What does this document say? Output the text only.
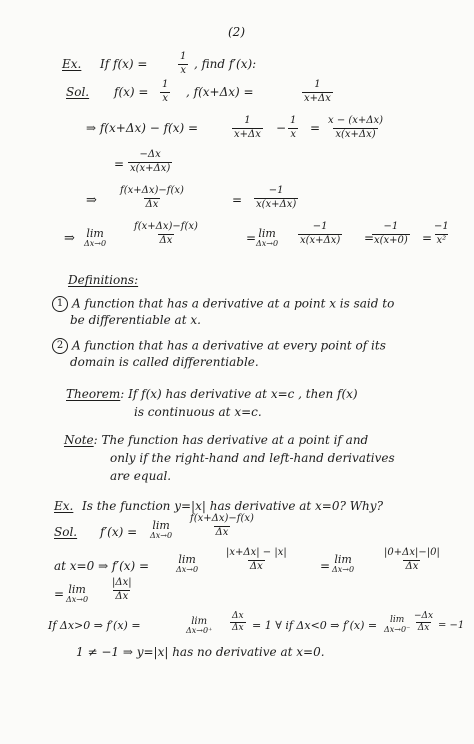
(2)
Ex. If f(x) =	$\frac{1}{x}$ , find f′(x):
Sol. $f(x) = \frac{1}{x}$ , f(x+Δx) =	$\frac{1}{x+\Delta x}$
⇒ f(x+Δx) − f(x) =	$\frac{1}{x+\Delta x} - \frac{1}{x} = \frac{x - (x+\Delta x)}{x(x+\Delta x)}$
= $\frac{-\Delta x}{x(x+\Delta x)}$
⇒ $\frac{f(x+\Delta x)-f(x)}{\Delta x}$	= $\frac{-1}{x(x+\Delta x)}$
⇒ lim
Δx→0	$\frac{f(x+\Delta x)-f(x)}{\Delta x}$	= lim
$\Delta x\to 0 \frac{-1}{x(x+\Delta x)}$ =
$\frac{-1}{x(x+0)} = \frac{-1}{\text{x²}}$
Definitions:
1 A function that has a derivative at a point x is said to
be differentiable at x.
2 A function that has a derivative at every point of its
domain is called differentiable.
Theorem: If f(x) has derivative at x=c , then f(x)
is continuous at x=c.
Note: The function has derivative at a point if and
only if the right-hand and left-hand derivatives
are equal.
Ex. Is the function y=|x| has derivative at x=0? Why?
Sol. f′(x) = lim
$\Delta x\to 0 \frac{f(x+\Delta x)-f(x)}{\Delta x}$
at x=0 ⇒ f′(x) =	lim
Δx→0	$\frac{|x+\Delta x| - |x|}{\Delta x}$	= lim
Δx→0	$\frac{|0+\Delta x|-|0|}{\Delta x}$
= lim
$\Delta x\to 0 \frac{|\Delta x|}{\Delta x}$
If Δx>0 ⇒ f′(x) =	lim
$\Delta x\to 0^+ \frac{\Delta x}{\Delta x} = 1$ ∀ if Δx<0 ⇒ f′(x) = lim
$\Delta x\to 0^- \frac{-\Delta x}{\Delta x} = -1$
1 ≠ −1 ⇒ y=|x| has no derivative at x=0.
